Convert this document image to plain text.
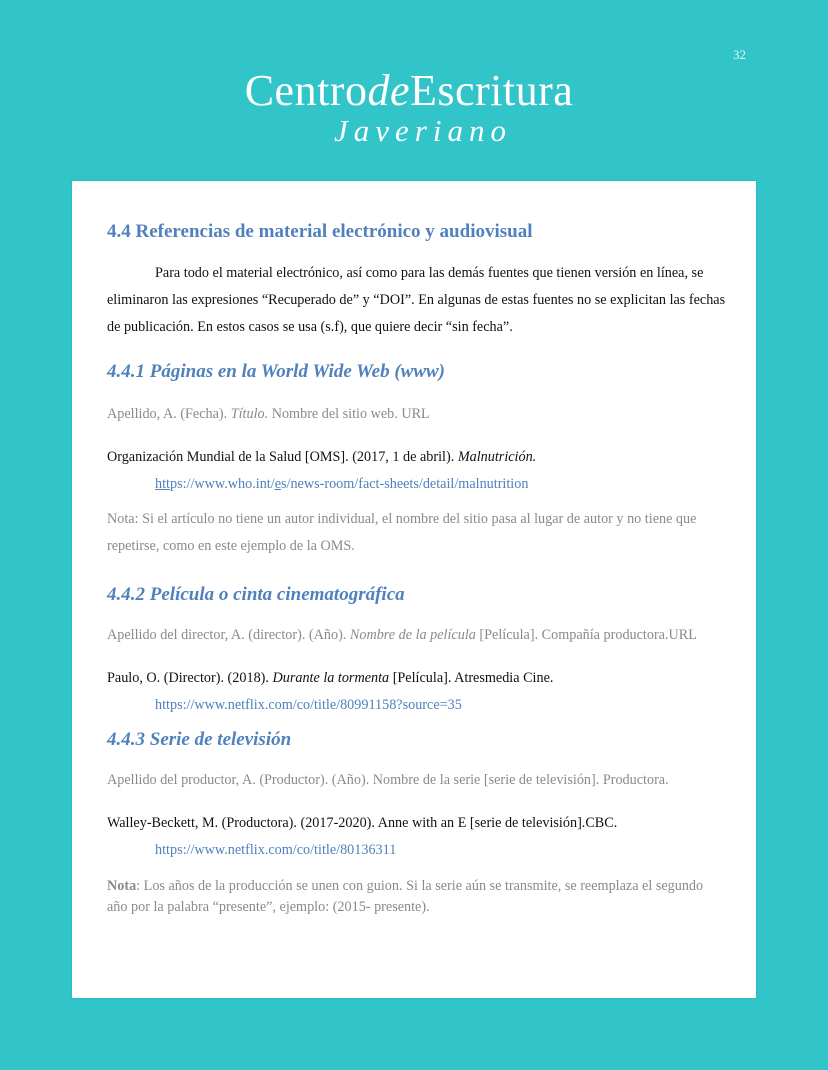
32
CentrodeEscritura
Javeriano
4.4 Referencias de material electrónico y audiovisual

Para todo el material electrónico, así como para las demás fuentes que tienen versión en línea, se eliminaron las expresiones “Recuperado de” y “DOI”. En algunas de estas fuentes no se explicitan las fechas de publicación. En estos casos se usa (s.f), que quiere decir “sin fecha”.

4.4.1 Páginas en la World Wide Web (www)

Apellido, A. (Fecha). Título. Nombre del sitio web. URL

Organización Mundial de la Salud [OMS]. (2017, 1 de abril). Malnutrición.
https://www.who.int/es/news-room/fact-sheets/detail/malnutrition

Nota: Si el artículo no tiene un autor individual, el nombre del sitio pasa al lugar de autor y no tiene que repetirse, como en este ejemplo de la OMS.

4.4.2 Película o cinta cinematográfica

Apellido del director, A. (director). (Año). Nombre de la película [Película]. Compañía productora.URL

Paulo, O. (Director). (2018). Durante la tormenta [Película]. Atresmedia Cine.
https://www.netflix.com/co/title/80991158?source=35

4.4.3 Serie de televisión

Apellido del productor, A. (Productor). (Año). Nombre de la serie [serie de televisión]. Productora.

Walley-Beckett, M. (Productora). (2017-2020). Anne with an E [serie de televisión].CBC.
https://www.netflix.com/co/title/80136311

Nota: Los años de la producción se unen con guion. Si la serie aún se transmite, se reemplaza el segundo año por la palabra “presente”, ejemplo: (2015- presente).
